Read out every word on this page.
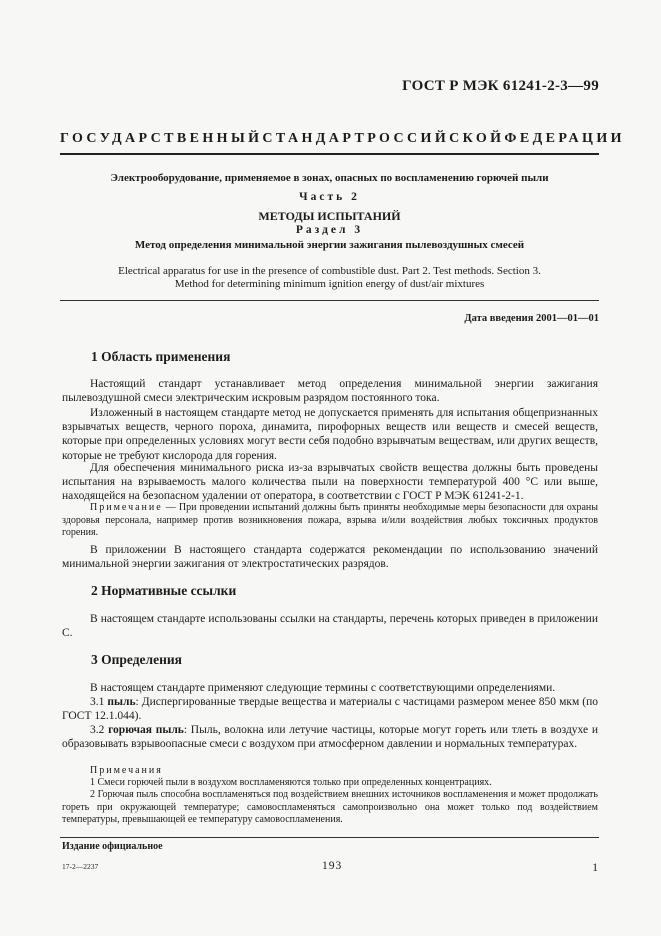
ГОСТ Р МЭК 61241-2-3—99
ГОСУДАРСТВЕННЫЙ СТАНДАРТ РОССИЙСКОЙ ФЕДЕРАЦИИ
Электрооборудование, применяемое в зонах, опасных по воспламенению горючей пыли
Часть 2
МЕТОДЫ ИСПЫТАНИЙ
Раздел 3
Метод определения минимальной энергии зажигания пылевоздушных смесей
Electrical apparatus for use in the presence of combustible dust. Part 2. Test methods. Section 3.
Method for determining minimum ignition energy of dust/air mixtures
Дата введения 2001—01—01
1 Область применения

Настоящий стандарт устанавливает метод определения минимальной энергии зажигания пылевоздушной смеси электрическим искровым разрядом постоянного тока.

Изложенный в настоящем стандарте метод не допускается применять для испытания общепризнанных взрывчатых веществ, черного пороха, динамита, пирофорных веществ или веществ и смесей веществ, которые при определенных условиях могут вести себя подобно взрывчатым веществам, или других веществ, которые не требуют кислорода для горения.

Для обеспечения минимального риска из-за взрывчатых свойств вещества должны быть проведены испытания на взрываемость малого количества пыли на поверхности температурой 400 °С или выше, находящейся на безопасном удалении от оператора, в соответствии с ГОСТ Р МЭК 61241-2-1.

Примечание — При проведении испытаний должны быть приняты необходимые меры безопасности для охраны здоровья персонала, например против возникновения пожара, взрыва и/или воздействия любых токсичных продуктов горения.

В приложении В настоящего стандарта содержатся рекомендации по использованию значений минимальной энергии зажигания от электростатических разрядов.

2 Нормативные ссылки

В настоящем стандарте использованы ссылки на стандарты, перечень которых приведен в приложении С.

3 Определения

В настоящем стандарте применяют следующие термины с соответствующими определениями.

3.1 пыль: Диспергированные твердые вещества и материалы с частицами размером менее 850 мкм (по ГОСТ 12.1.044).

3.2 горючая пыль: Пыль, волокна или летучие частицы, которые могут гореть или тлеть в воздухе и образовывать взрывоопасные смеси с воздухом при атмосферном давлении и нормальных температурах.

Примечания

1 Смеси горючей пыли в воздухом воспламеняются только при определенных концентрациях.

2 Горючая пыль способна воспламеняться под воздействием внешних источников воспламенения и может продолжать гореть при окружающей температуре; самовоспламеняться самопроизвольно она может только под воздействием температуры, превышающей ее температуру самовоспламенения.

Издание официальное
17-2—2237	193	1
